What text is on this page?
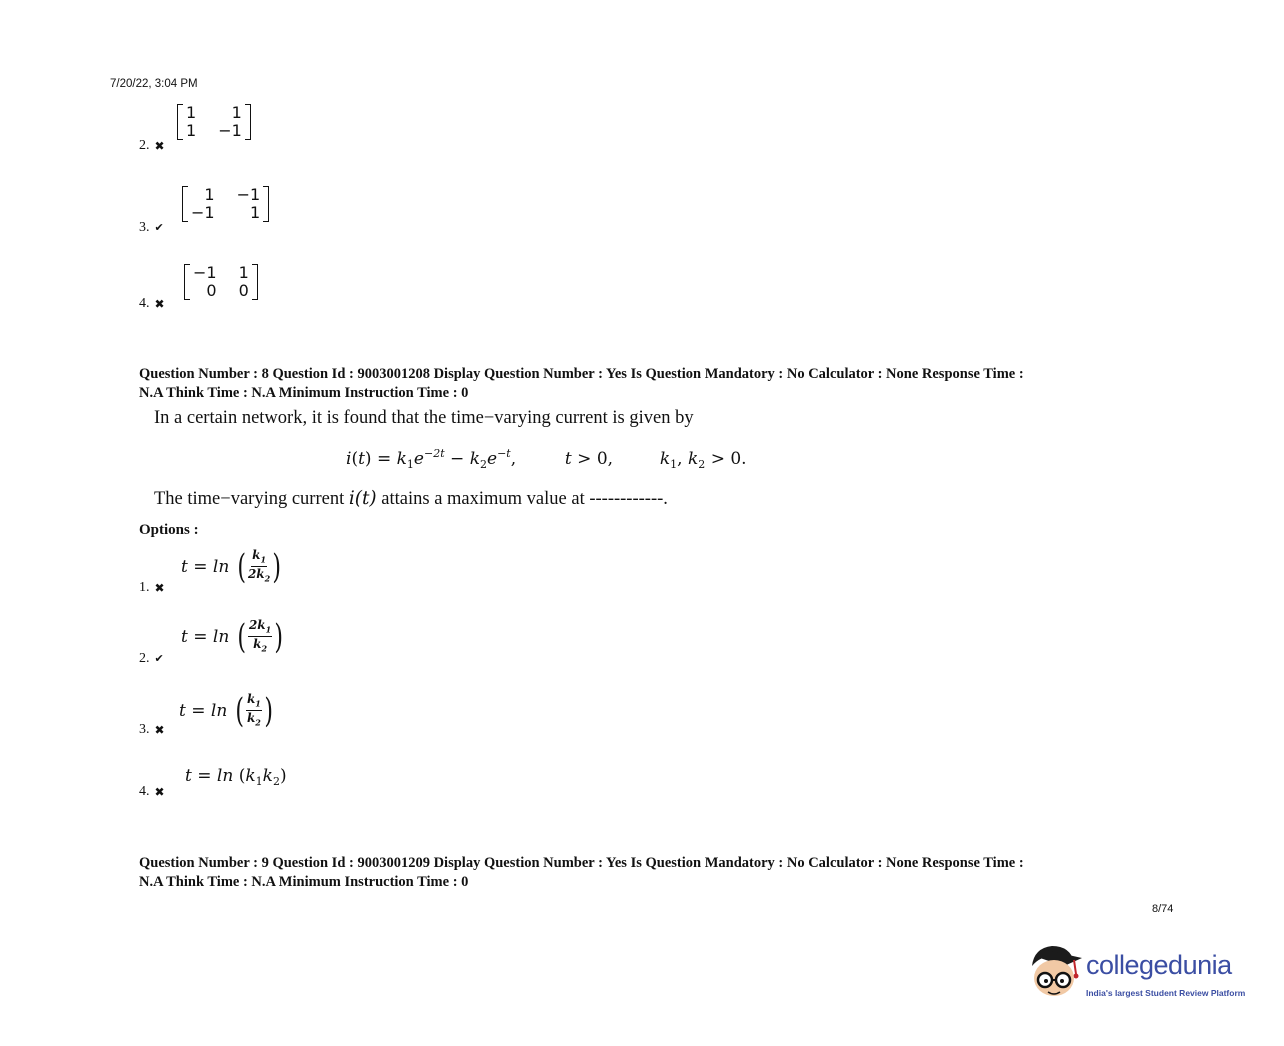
7/20/22, 3:04 PM
2. ✖
1	1
1 −1
3. ✔
1 −1
−1	1
4. ✖
−1 1
0 0
Question Number : 8 Question Id : 9003001208 Display Question Number : Yes Is Question Mandatory : No Calculator : None Response Time :
N.A Think Time : N.A Minimum Instruction Time : 0
In a certain network, it is found that the time−varying current is given by
$i(t) = k_1e^{-2t} - k_2e^{-t}$,	t > 0,  $k_1$, $k_2 > 0$.
The time−varying current i(t) attains a maximum value at ------------.
Options :
1. ✖
t = ln ( $\frac{k_1}{2k_2}$ )
2. ✔
t = ln ( $\frac{2k_1}{k_2}$ )
3. ✖
t = ln ( $\frac{k_1}{k_2}$ )
4. ✖
$t = \ln (k_1k_2)$
Question Number : 9 Question Id : 9003001209 Display Question Number : Yes Is Question Mandatory : No Calculator : None Response Time :
N.A Think Time : N.A Minimum Instruction Time : 0
8/74
collegedunia
India's largest Student Review Platform
